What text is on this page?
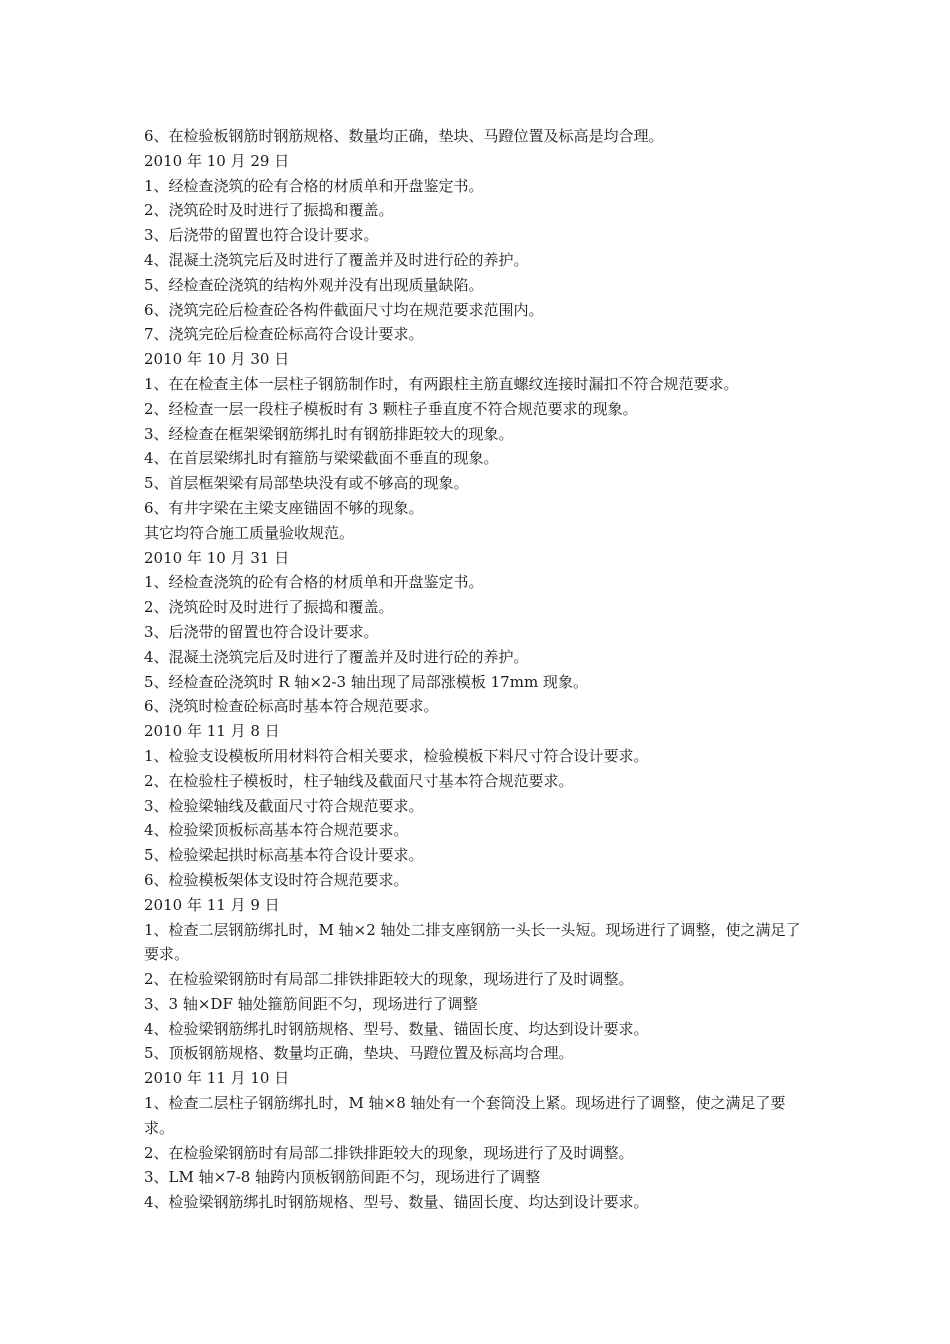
6、在检验板钢筋时钢筋规格、数量均正确，垫块、马蹬位置及标高是均合理。

2010 年 10 月 29 日

1、经检查浇筑的砼有合格的材质单和开盘鉴定书。

2、浇筑砼时及时进行了振捣和覆盖。

3、后浇带的留置也符合设计要求。

4、混凝土浇筑完后及时进行了覆盖并及时进行砼的养护。

5、经检查砼浇筑的结构外观并没有出现质量缺陷。

6、浇筑完砼后检查砼各构件截面尺寸均在规范要求范围内。

7、浇筑完砼后检查砼标高符合设计要求。

2010 年 10 月 30 日

1、在在检查主体一层柱子钢筋制作时，有两跟柱主筋直螺纹连接时漏扣不符合规范要求。

2、经检查一层一段柱子模板时有 3 颗柱子垂直度不符合规范要求的现象。

3、经检查在框架梁钢筋绑扎时有钢筋排距较大的现象。

4、在首层梁绑扎时有箍筋与梁梁截面不垂直的现象。

5、首层框架梁有局部垫块没有或不够高的现象。

6、有井字梁在主梁支座锚固不够的现象。

其它均符合施工质量验收规范。

2010 年 10 月 31 日

1、经检查浇筑的砼有合格的材质单和开盘鉴定书。

2、浇筑砼时及时进行了振捣和覆盖。

3、后浇带的留置也符合设计要求。

4、混凝土浇筑完后及时进行了覆盖并及时进行砼的养护。

5、经检查砼浇筑时 R 轴×2-3 轴出现了局部涨模板 17mm 现象。

6、浇筑时检查砼标高时基本符合规范要求。

2010 年 11 月 8 日

1、检验支设模板所用材料符合相关要求，检验模板下料尺寸符合设计要求。

2、在检验柱子模板时，柱子轴线及截面尺寸基本符合规范要求。

3、检验梁轴线及截面尺寸符合规范要求。

4、检验梁顶板标高基本符合规范要求。

5、检验梁起拱时标高基本符合设计要求。

6、检验模板架体支设时符合规范要求。

2010 年 11 月 9 日

1、检查二层钢筋绑扎时，M 轴×2 轴处二排支座钢筋一头长一头短。现场进行了调整，使之满足了要求。

2、在检验梁钢筋时有局部二排铁排距较大的现象，现场进行了及时调整。

3、3 轴×DF 轴处箍筋间距不匀，现场进行了调整

4、检验梁钢筋绑扎时钢筋规格、型号、数量、锚固长度、均达到设计要求。

5、顶板钢筋规格、数量均正确，垫块、马蹬位置及标高均合理。

2010 年 11 月 10 日

1、检查二层柱子钢筋绑扎时，M 轴×8 轴处有一个套筒没上紧。现场进行了调整，使之满足了要求。

2、在检验梁钢筋时有局部二排铁排距较大的现象，现场进行了及时调整。

3、LM 轴×7-8 轴跨内顶板钢筋间距不匀，现场进行了调整

4、检验梁钢筋绑扎时钢筋规格、型号、数量、锚固长度、均达到设计要求。
